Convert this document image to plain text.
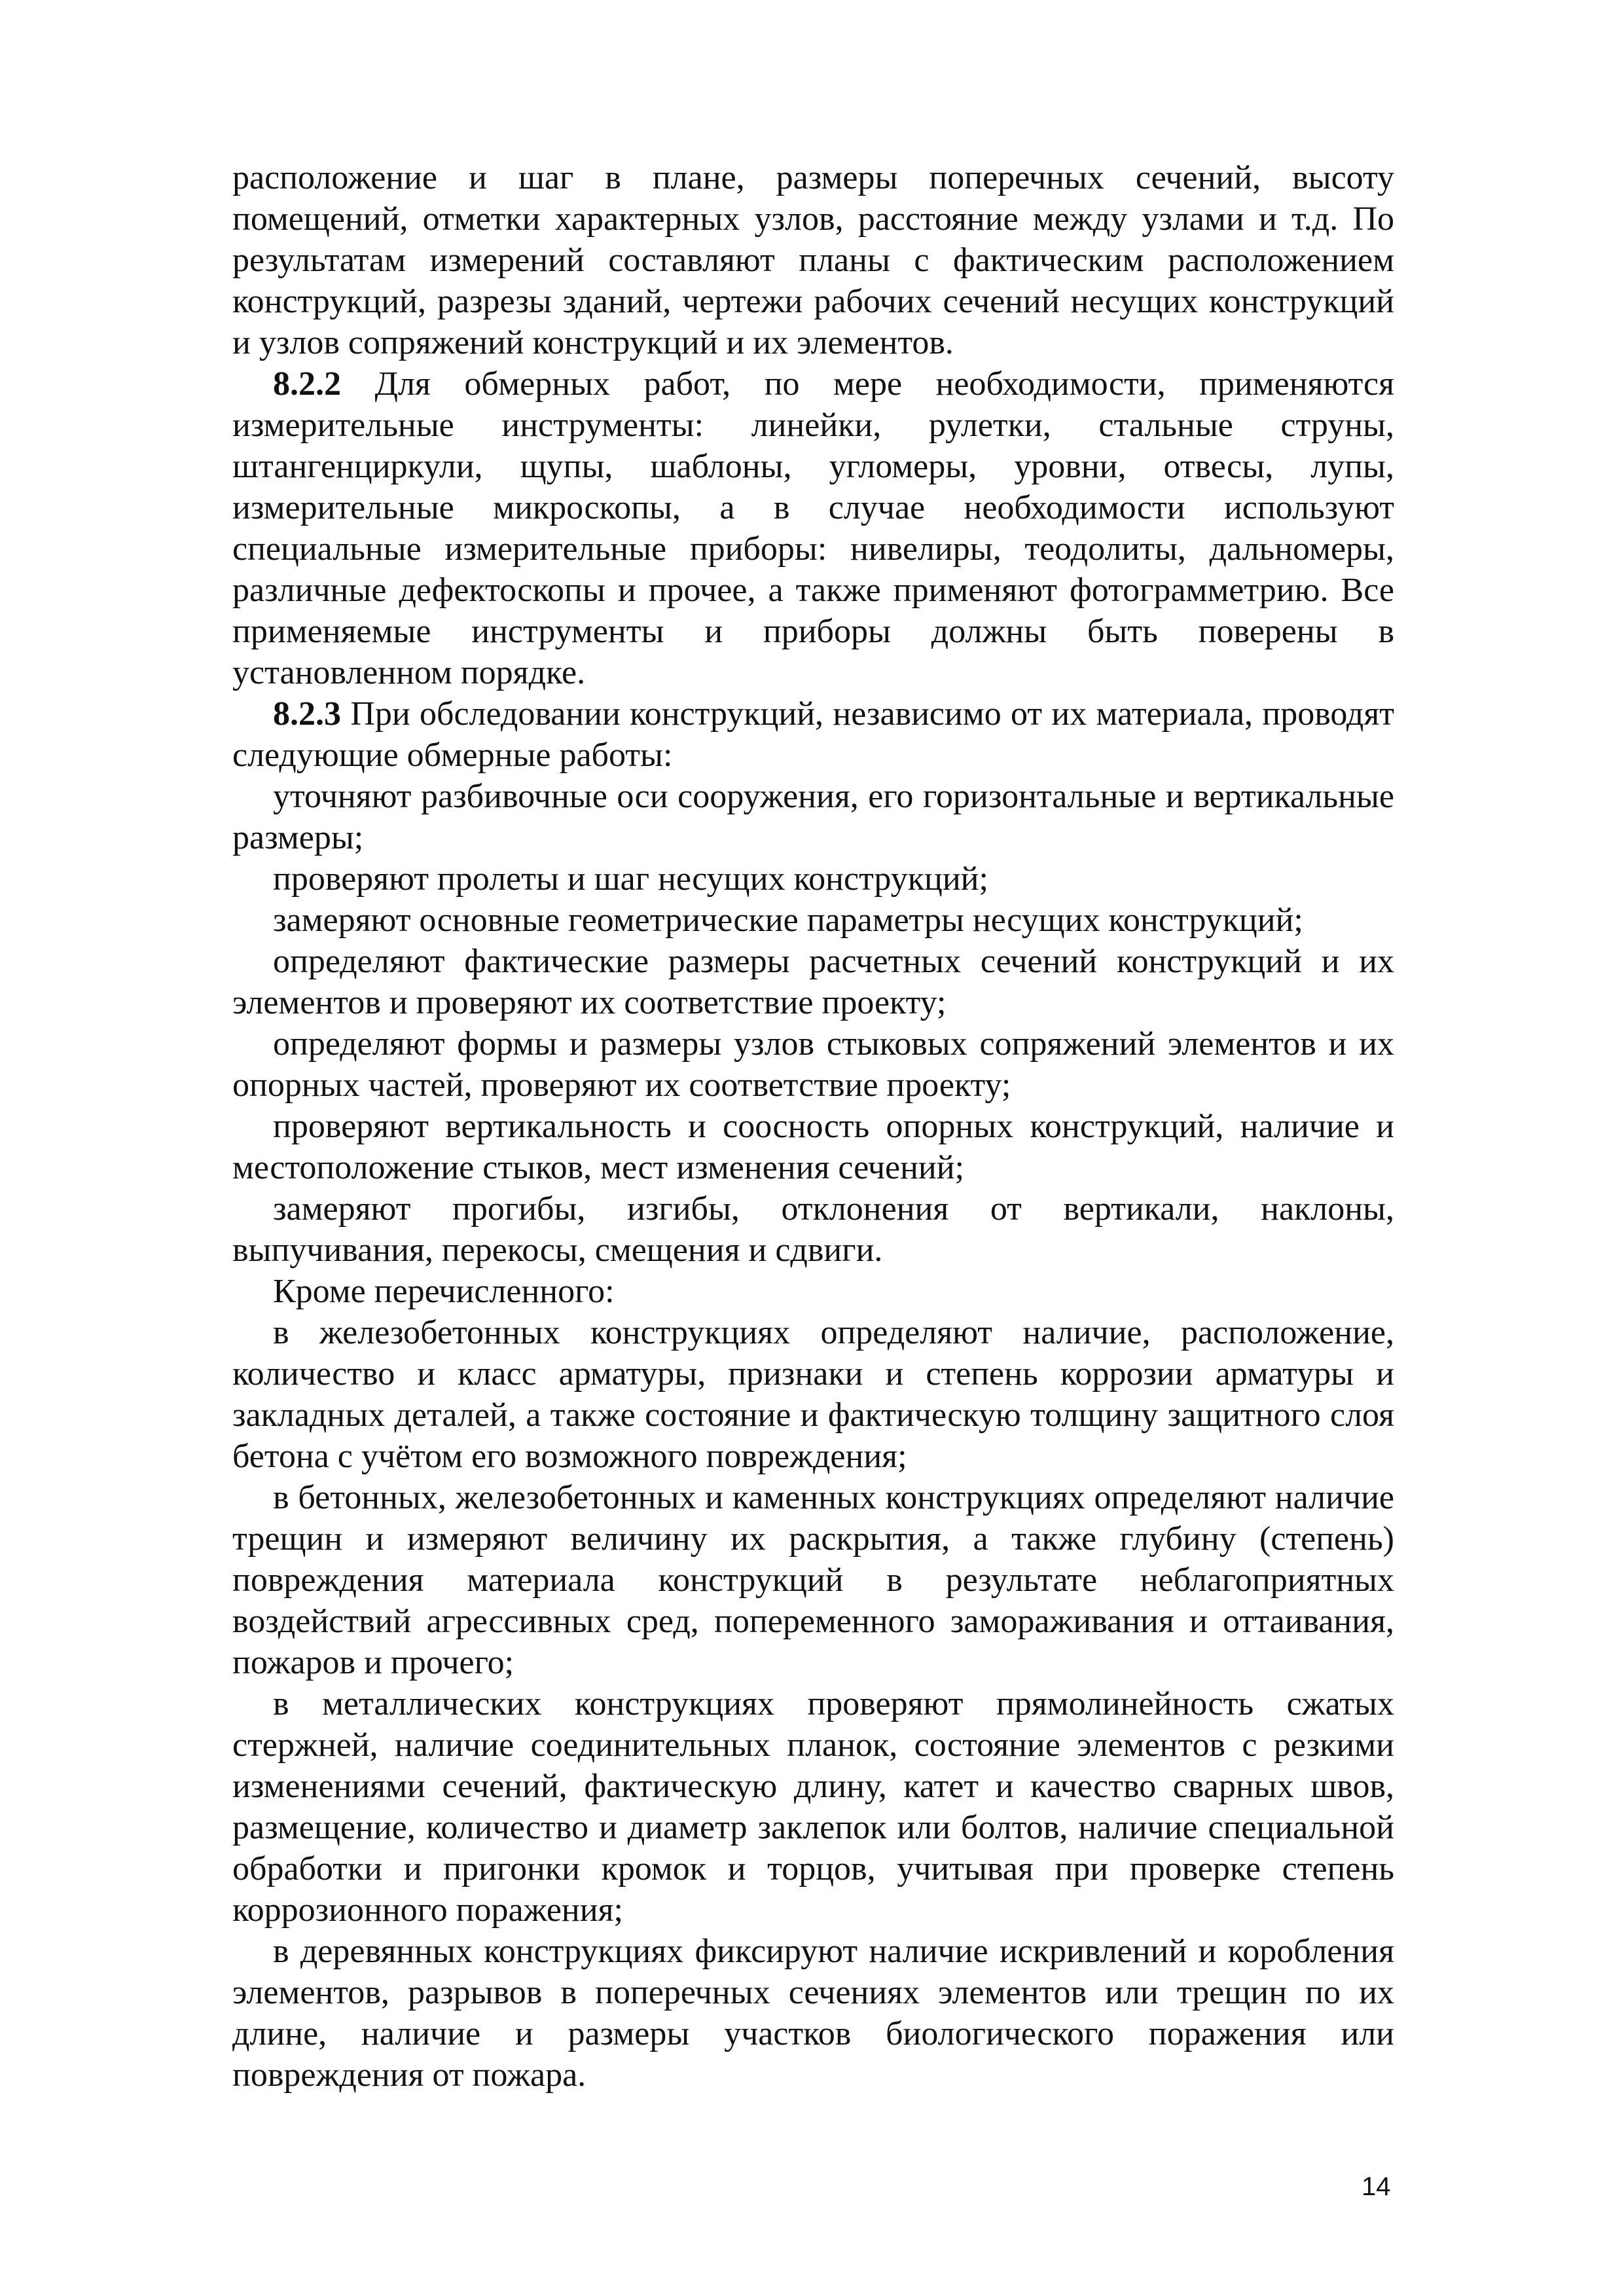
расположение и шаг в плане, размеры поперечных сечений, высоту помещений, отметки характерных узлов, расстояние между узлами и т.д. По результатам измерений составляют планы с фактическим расположением конструкций, разрезы зданий, чертежи рабочих сечений несущих конструкций и узлов сопряжений конструкций и их элементов.

8.2.2 Для обмерных работ, по мере необходимости, применяются измерительные инструменты: линейки, рулетки, стальные струны, штангенциркули, щупы, шаблоны, угломеры, уровни, отвесы, лупы, измерительные микроскопы, а в случае необходимости используют специальные измерительные приборы: нивелиры, теодолиты, дальномеры, различные дефектоскопы и прочее, а также применяют фотограмметрию. Все применяемые инструменты и приборы должны быть поверены в установленном порядке.

8.2.3 При обследовании конструкций, независимо от их материала, проводят следующие обмерные работы:

уточняют разбивочные оси сооружения, его горизонтальные и вертикальные размеры;

проверяют пролеты и шаг несущих конструкций;

замеряют основные геометрические параметры несущих конструкций;

определяют фактические размеры расчетных сечений конструкций и их элементов и проверяют их соответствие проекту;

определяют формы и размеры узлов стыковых сопряжений элементов и их опорных частей, проверяют их соответствие проекту;

проверяют вертикальность и соосность опорных конструкций, наличие и местоположение стыков, мест изменения сечений;

замеряют прогибы, изгибы, отклонения от вертикали, наклоны, выпучивания, перекосы, смещения и сдвиги.

Кроме перечисленного:

в железобетонных конструкциях определяют наличие, расположение, количество и класс арматуры, признаки и степень коррозии арматуры и закладных деталей, а также состояние и фактическую толщину защитного слоя бетона с учётом его возможного повреждения;

в бетонных, железобетонных и каменных конструкциях определяют наличие трещин и измеряют величину их раскрытия, а также глубину (степень) повреждения материала конструкций в результате неблагоприятных воздействий агрессивных сред, попеременного замораживания и оттаивания, пожаров и прочего;

в металлических конструкциях проверяют прямолинейность сжатых стержней, наличие соединительных планок, состояние элементов с резкими изменениями сечений, фактическую длину, катет и качество сварных швов, размещение, количество и диаметр заклепок или болтов, наличие специальной обработки и пригонки кромок и торцов, учитывая при проверке степень коррозионного поражения;

в деревянных конструкциях фиксируют наличие искривлений и коробления элементов, разрывов в поперечных сечениях элементов или трещин по их длине, наличие и размеры участков биологического поражения или повреждения от пожара.

14
